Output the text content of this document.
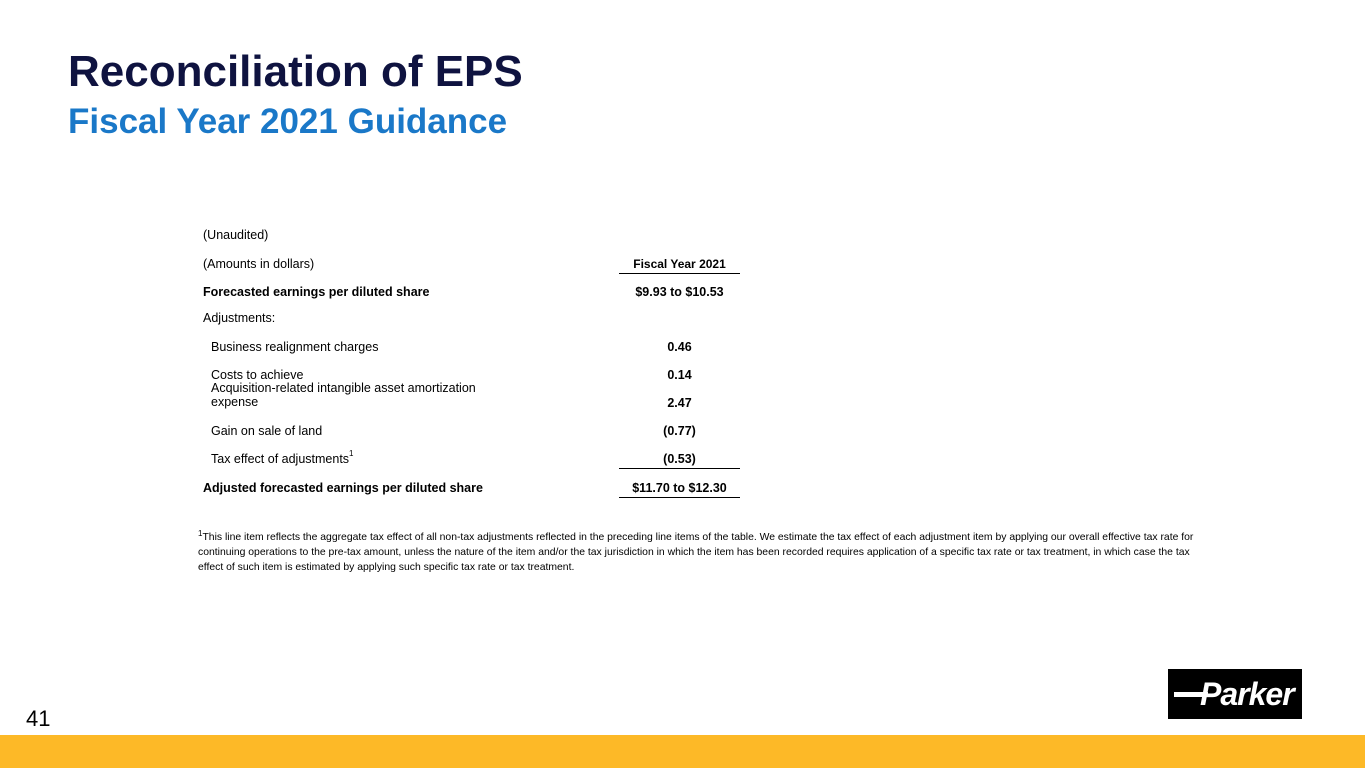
Reconciliation of EPS
Fiscal Year 2021 Guidance
(Unaudited)
(Amounts in dollars)	Fiscal Year 2021
Forecasted earnings per diluted share	$9.93 to $10.53
Adjustments:
Business realignment charges	0.46
Costs to achieve	0.14
Acquisition-related intangible asset amortization expense	2.47
Gain on sale of land	(0.77)
Tax effect of adjustments$^1$	(0.53)
Adjusted forecasted earnings per diluted share	$11.70 to $12.30
$^1$This line item reflects the aggregate tax effect of all non-tax adjustments reflected in the preceding line items of the table. We estimate the tax effect of each adjustment item by applying our overall effective tax rate for continuing operations to the pre-tax amount, unless the nature of the item and/or the tax jurisdiction in which the item has been recorded requires application of a specific tax rate or tax treatment, in which case the tax effect of such item is estimated by applying such specific tax rate or tax treatment.
41
Parker
